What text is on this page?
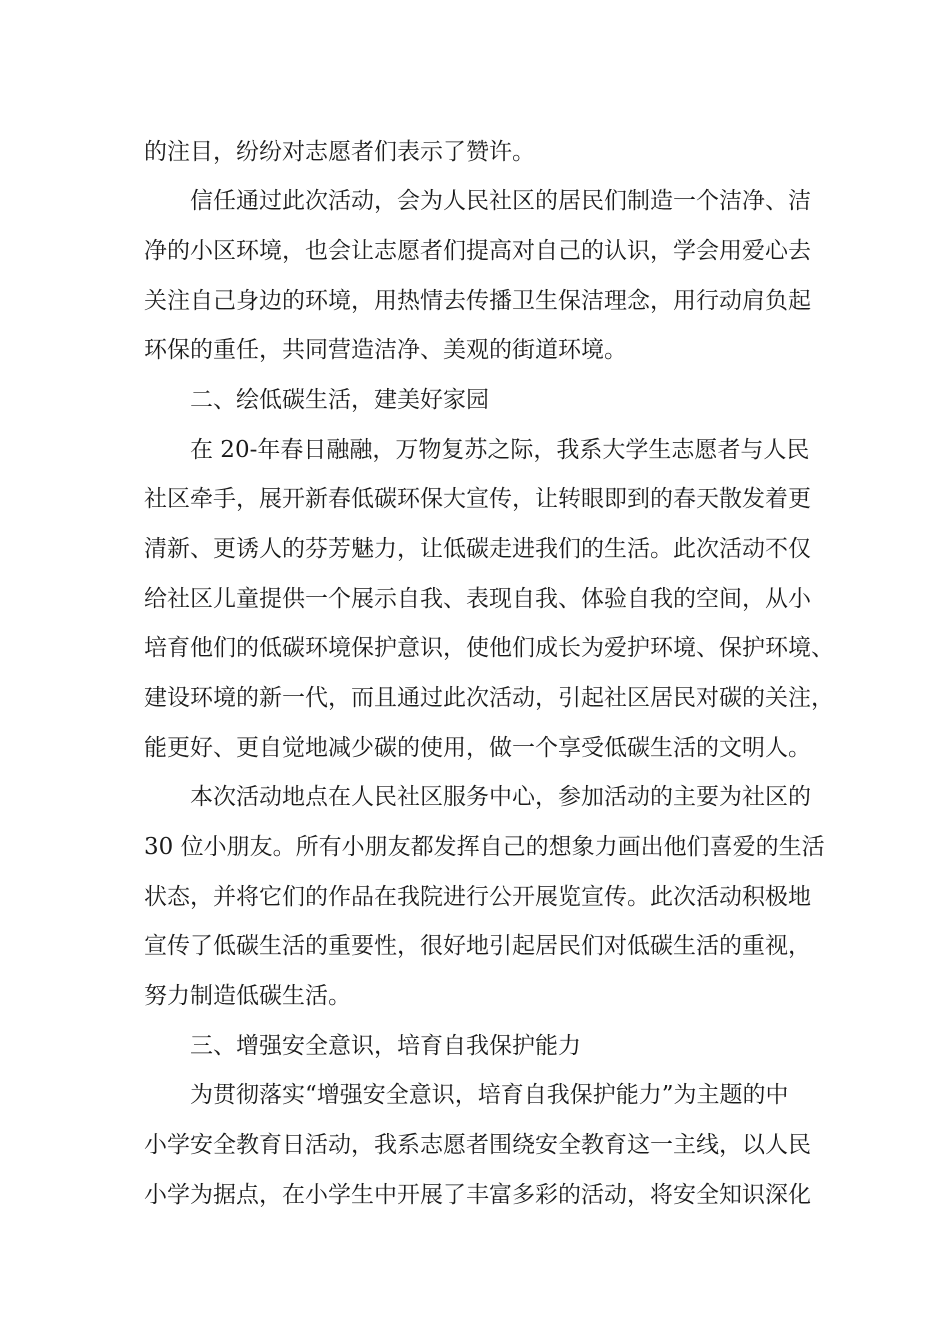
的注目，纷纷对志愿者们表示了赞许。
信任通过此次活动，会为人民社区的居民们制造一个洁净、洁
净的小区环境，也会让志愿者们提高对自己的认识，学会用爱心去
关注自己身边的环境，用热情去传播卫生保洁理念，用行动肩负起
环保的重任，共同营造洁净、美观的街道环境。
二、绘低碳生活，建美好家园
在 20-年春日融融，万物复苏之际，我系大学生志愿者与人民
社区牵手，展开新春低碳环保大宣传，让转眼即到的春天散发着更
清新、更诱人的芬芳魅力，让低碳走进我们的生活。此次活动不仅
给社区儿童提供一个展示自我、表现自我、体验自我的空间，从小
培育他们的低碳环境保护意识，使他们成长为爱护环境、保护环境、
建设环境的新一代，而且通过此次活动，引起社区居民对碳的关注，
能更好、更自觉地减少碳的使用，做一个享受低碳生活的文明人。
本次活动地点在人民社区服务中心，参加活动的主要为社区的
30 位小朋友。所有小朋友都发挥自己的想象力画出他们喜爱的生活
状态，并将它们的作品在我院进行公开展览宣传。此次活动积极地
宣传了低碳生活的重要性，很好地引起居民们对低碳生活的重视，
努力制造低碳生活。
三、增强安全意识，培育自我保护能力
为贯彻落实“增强安全意识，培育自我保护能力”为主题的中
小学安全教育日活动，我系志愿者围绕安全教育这一主线，以人民
小学为据点，在小学生中开展了丰富多彩的活动，将安全知识深化
